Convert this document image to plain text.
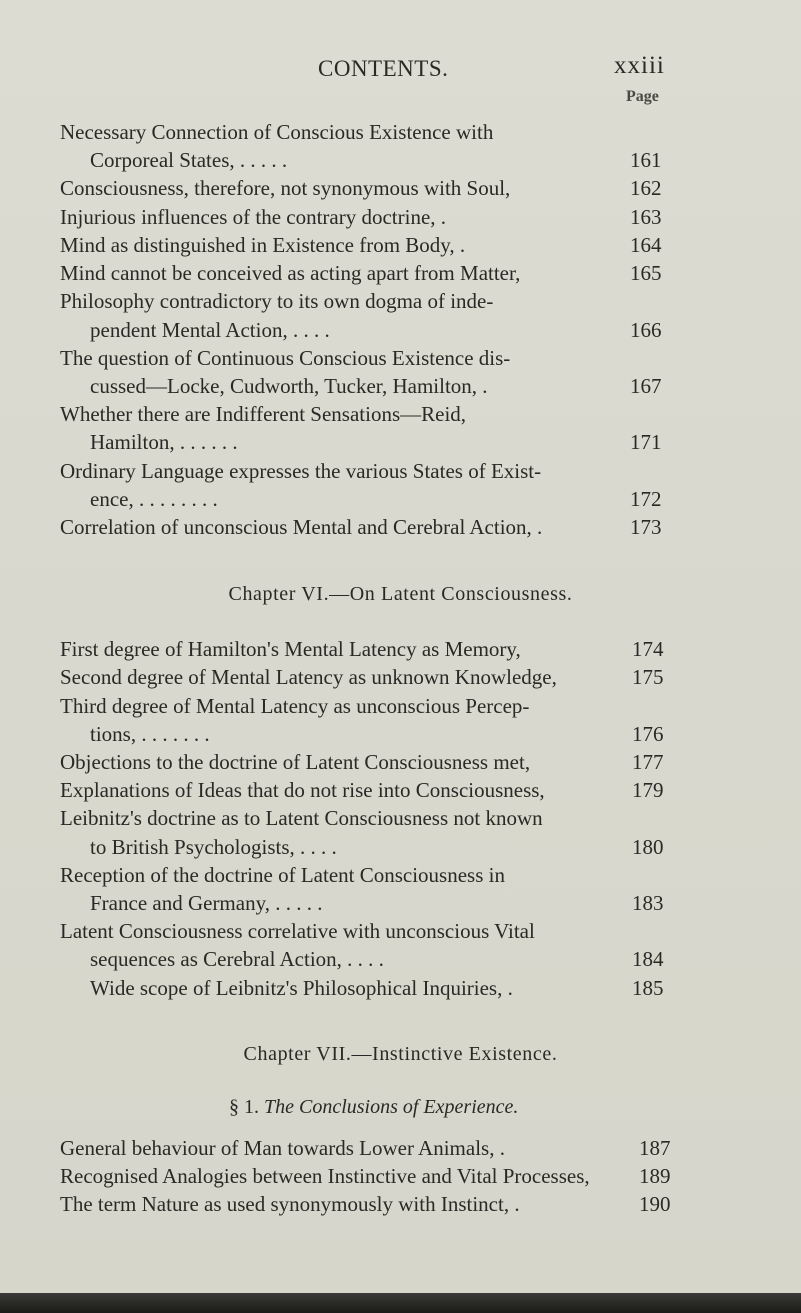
CONTENTS.	xxiii
Page
Necessary Connection of Conscious Existence with
Corporeal States, . . . . .	161
Consciousness, therefore, not synonymous with Soul,	162
Injurious influences of the contrary doctrine, .	163
Mind as distinguished in Existence from Body, .	164
Mind cannot be conceived as acting apart from Matter,	165
Philosophy contradictory to its own dogma of inde-
pendent Mental Action, . . . .	166
The question of Continuous Conscious Existence dis-
cussed—Locke, Cudworth, Tucker, Hamilton, .	167
Whether there are Indifferent Sensations—Reid,
Hamilton, . . . . . .	171
Ordinary Language expresses the various States of Exist-
ence, . . . . . . . .	172
Correlation of unconscious Mental and Cerebral Action, .	173
Chapter VI.—On Latent Consciousness.
First degree of Hamilton's Mental Latency as Memory,	174
Second degree of Mental Latency as unknown Knowledge,	175
Third degree of Mental Latency as unconscious Percep-
tions, . . . . . . .	176
Objections to the doctrine of Latent Consciousness met,	177
Explanations of Ideas that do not rise into Consciousness,	179
Leibnitz's doctrine as to Latent Consciousness not known
to British Psychologists, . . . .	180
Reception of the doctrine of Latent Consciousness in
France and Germany, . . . . .	183
Latent Consciousness correlative with unconscious Vital
sequences as Cerebral Action, . . . .	184
Wide scope of Leibnitz's Philosophical Inquiries, .	185
Chapter VII.—Instinctive Existence.
§ 1. The Conclusions of Experience.
General behaviour of Man towards Lower Animals, .	187
Recognised Analogies between Instinctive and Vital Processes, 189
The term Nature as used synonymously with Instinct, .	190
